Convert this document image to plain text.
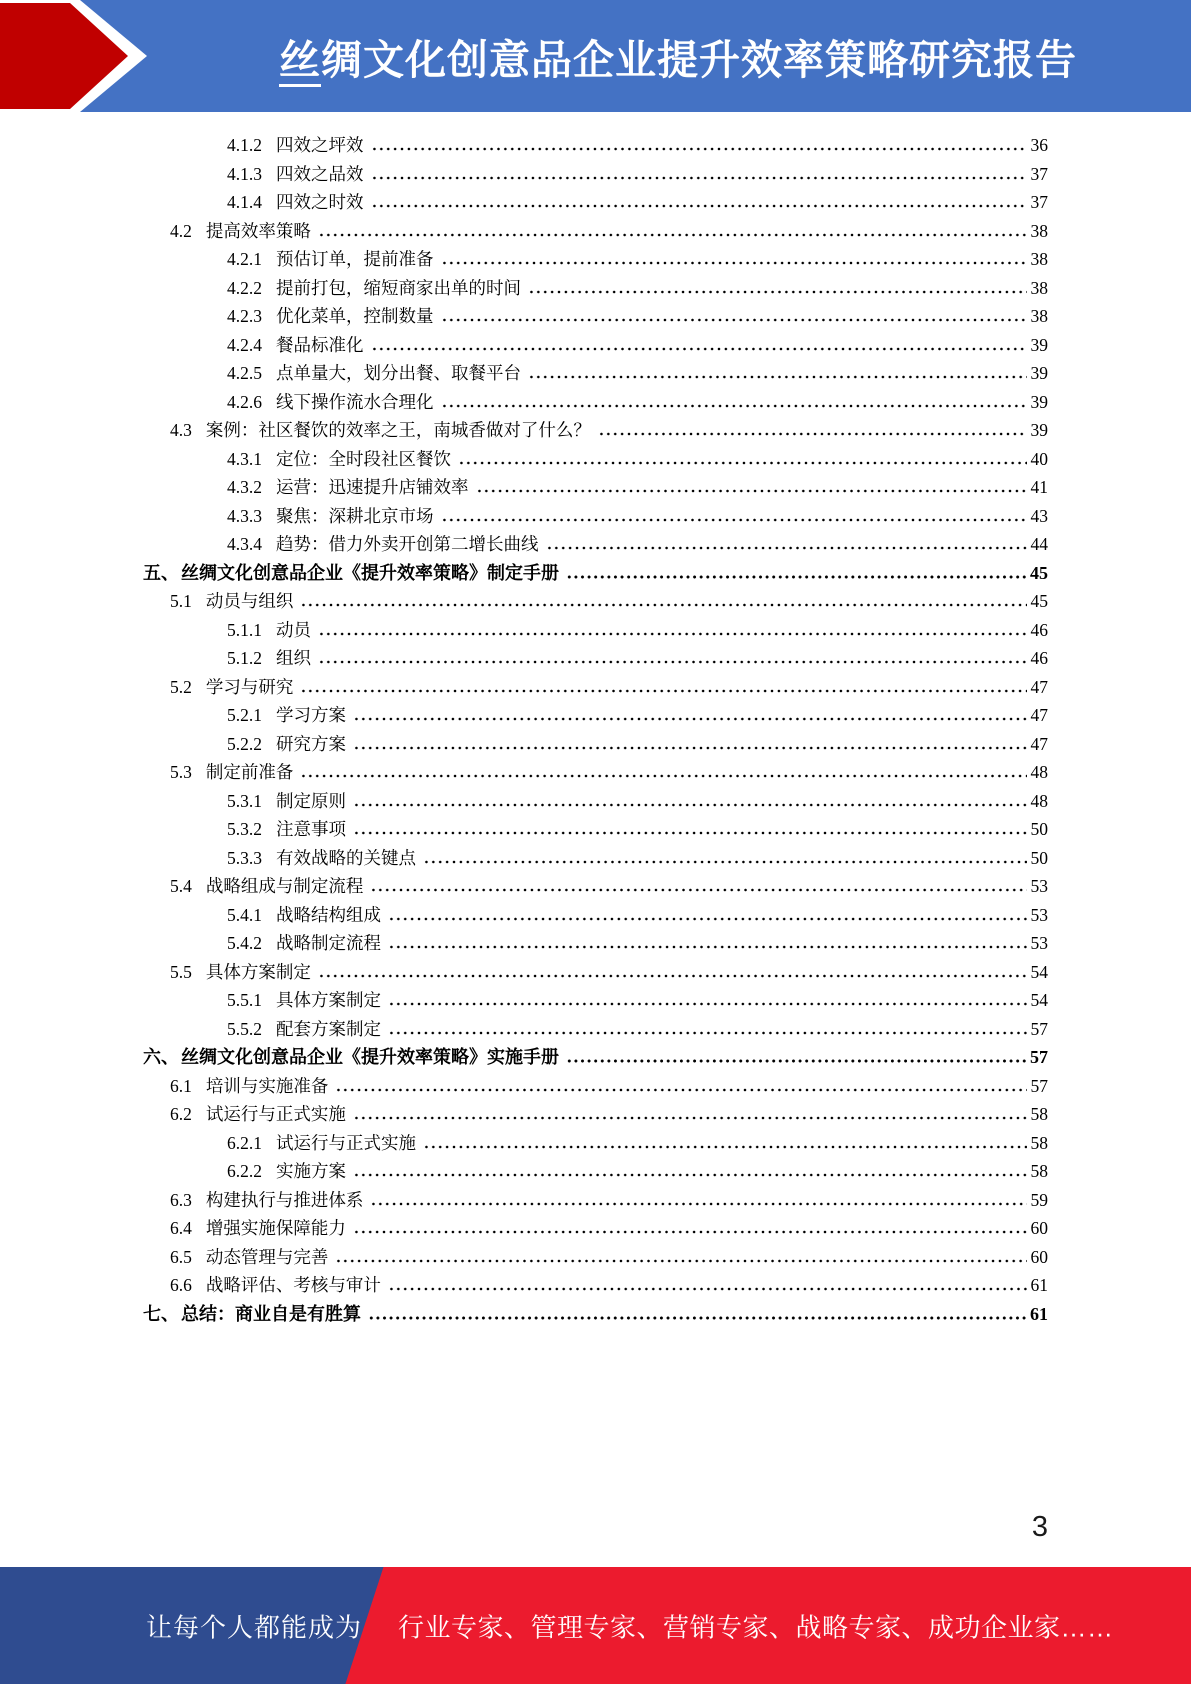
丝绸文化创意品企业提升效率策略研究报告
4.1.2 四效之坪效	36
4.1.3 四效之品效	37
4.1.4 四效之时效	37
4.2 提高效率策略	38
4.2.1 预估订单，提前准备	38
4.2.2 提前打包，缩短商家出单的时间	38
4.2.3 优化菜单，控制数量	38
4.2.4 餐品标准化	39
4.2.5 点单量大，划分出餐、取餐平台	39
4.2.6 线下操作流水合理化	39
4.3 案例：社区餐饮的效率之王，南城香做对了什么？	39
4.3.1 定位：全时段社区餐饮	40
4.3.2 运营：迅速提升店铺效率	41
4.3.3 聚焦：深耕北京市场	43
4.3.4 趋势：借力外卖开创第二增长曲线	44
五、 丝绸文化创意品企业《提升效率策略》制定手册	45
5.1 动员与组织	45
5.1.1 动员	46
5.1.2 组织	46
5.2 学习与研究	47
5.2.1 学习方案	47
5.2.2 研究方案	47
5.3 制定前准备	48
5.3.1 制定原则	48
5.3.2 注意事项	50
5.3.3 有效战略的关键点	50
5.4 战略组成与制定流程	53
5.4.1 战略结构组成	53
5.4.2 战略制定流程	53
5.5 具体方案制定	54
5.5.1 具体方案制定	54
5.5.2 配套方案制定	57
六、 丝绸文化创意品企业《提升效率策略》实施手册	57
6.1 培训与实施准备	57
6.2 试运行与正式实施	58
6.2.1 试运行与正式实施	58
6.2.2 实施方案	58
6.3 构建执行与推进体系	59
6.4 增强实施保障能力	60
6.5 动态管理与完善	60
6.6 战略评估、考核与审计	61
七、 总结：商业自是有胜算	61
3
让每个人都能成为 行业专家、管理专家、营销专家、战略专家、成功企业家……
